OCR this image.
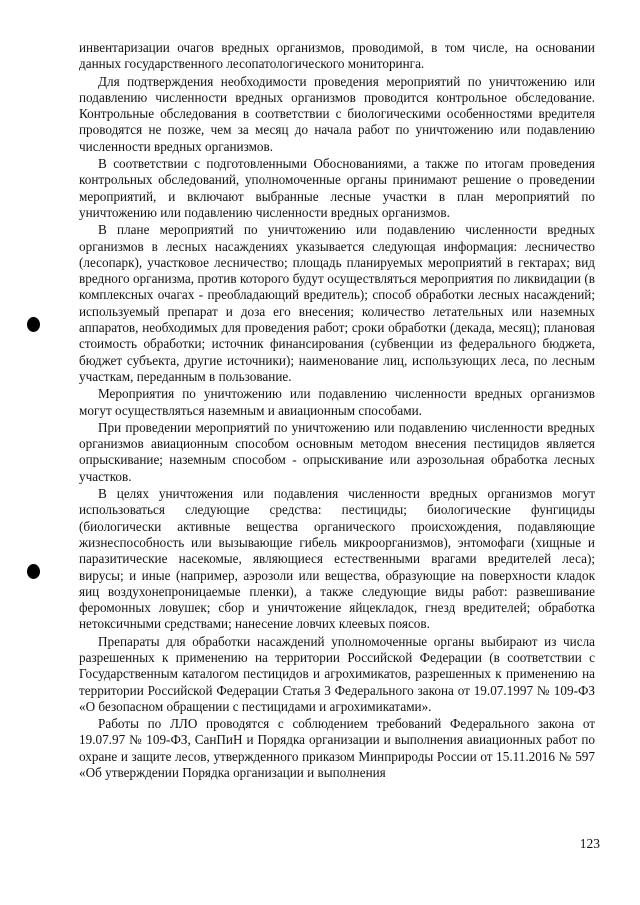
инвентаризации очагов вредных организмов, проводимой, в том числе, на основании данных государственного лесопатологического мониторинга.

Для подтверждения необходимости проведения мероприятий по уничтожению или подавлению численности вредных организмов проводится контрольное обследование. Контрольные обследования в соответствии с биологическими особенностями вредителя проводятся не позже, чем за месяц до начала работ по уничтожению или подавлению численности вредных организмов.

В соответствии с подготовленными Обоснованиями, а также по итогам проведения контрольных обследований, уполномоченные органы принимают решение о проведении мероприятий, и включают выбранные лесные участки в план мероприятий по уничтожению или подавлению численности вредных организмов.

В плане мероприятий по уничтожению или подавлению численности вредных организмов в лесных насаждениях указывается следующая информация: лесничество (лесопарк), участковое лесничество; площадь планируемых мероприятий в гектарах; вид вредного организма, против которого будут осуществляться мероприятия по ликвидации (в комплексных очагах - преобладающий вредитель); способ обработки лесных насаждений; используемый препарат и доза его внесения; количество летательных или наземных аппаратов, необходимых для проведения работ; сроки обработки (декада, месяц); плановая стоимость обработки; источник финансирования (субвенции из федерального бюджета, бюджет субъекта, другие источники); наименование лиц, использующих леса, по лесным участкам, переданным в пользование.

Мероприятия по уничтожению или подавлению численности вредных организмов могут осуществляться наземным и авиационным способами.

При проведении мероприятий по уничтожению или подавлению численности вредных организмов авиационным способом основным методом внесения пестицидов является опрыскивание; наземным способом - опрыскивание или аэрозольная обработка лесных участков.

В целях уничтожения или подавления численности вредных организмов могут использоваться следующие средства: пестициды; биологические фунгициды (биологически активные вещества органического происхождения, подавляющие жизнеспособность или вызывающие гибель микроорганизмов), энтомофаги (хищные и паразитические насекомые, являющиеся естественными врагами вредителей леса); вирусы; и иные (например, аэрозоли или вещества, образующие на поверхности кладок яиц воздухонепроницаемые пленки), а также следующие виды работ: развешивание феромонных ловушек; сбор и уничтожение яйцекладок, гнезд вредителей; обработка нетоксичными средствами; нанесение ловчих клеевых поясов.

Препараты для обработки насаждений уполномоченные органы выбирают из числа разрешенных к применению на территории Российской Федерации (в соответствии с Государственным каталогом пестицидов и агрохимикатов, разрешенных к применению на территории Российской Федерации Статья 3 Федерального закона от 19.07.1997 № 109-ФЗ «О безопасном обращении с пестицидами и агрохимикатами».

Работы по ЛЛО проводятся с соблюдением требований Федерального закона от 19.07.97 № 109-ФЗ, СанПиН и Порядка организации и выполнения авиационных работ по охране и защите лесов, утвержденного приказом Минприроды России от 15.11.2016 № 597 «Об утверждении Порядка организации и выполнения

123
